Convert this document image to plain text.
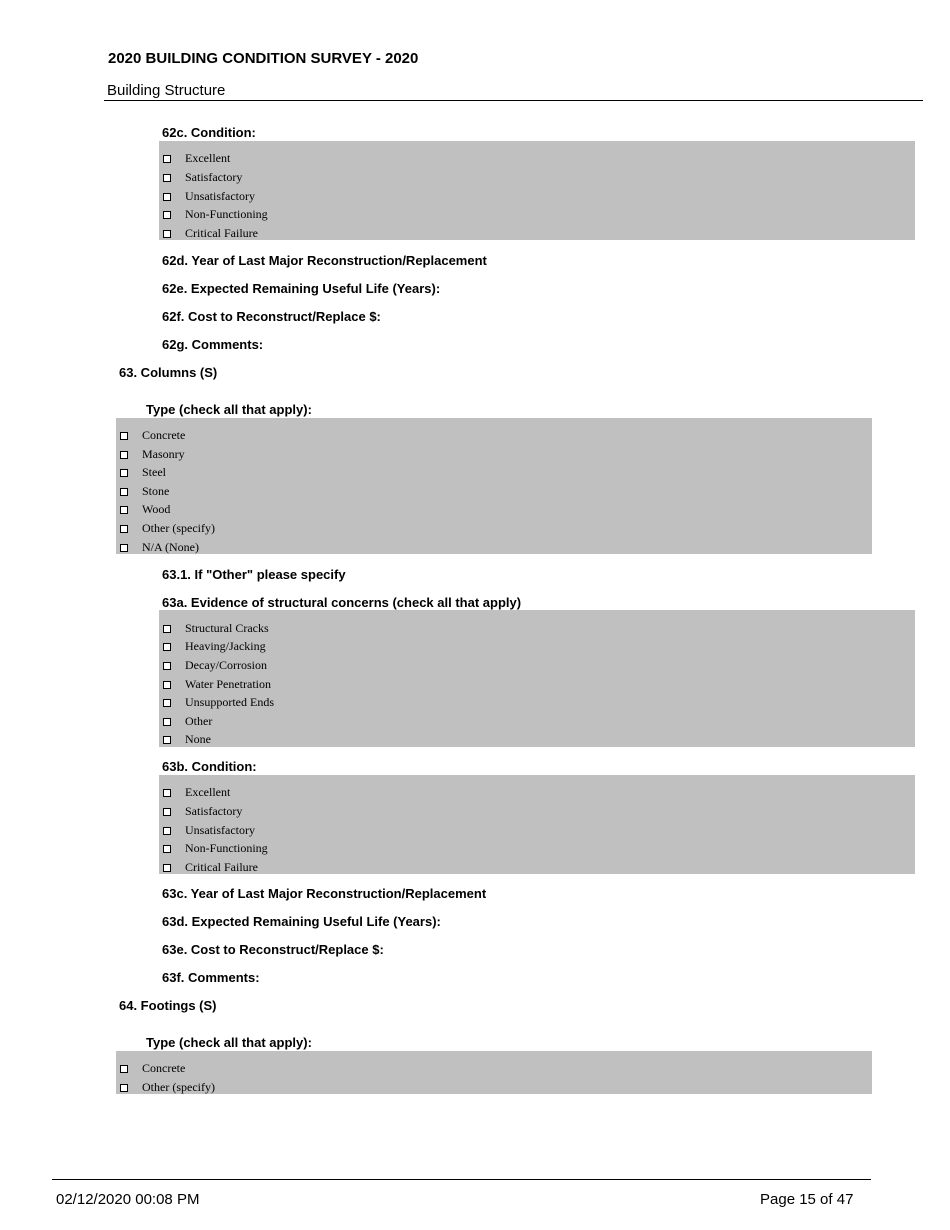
2020 BUILDING CONDITION SURVEY - 2020
Building Structure
62c. Condition:
Excellent
Satisfactory
Unsatisfactory
Non-Functioning
Critical Failure
62d. Year of Last Major Reconstruction/Replacement
62e. Expected Remaining Useful Life (Years):
62f. Cost to Reconstruct/Replace $:
62g. Comments:
63. Columns (S)
Type (check all that apply):
Concrete
Masonry
Steel
Stone
Wood
Other (specify)
N/A (None)
63.1. If "Other" please specify
63a. Evidence of structural concerns (check all that apply)
Structural Cracks
Heaving/Jacking
Decay/Corrosion
Water Penetration
Unsupported Ends
Other
None
63b. Condition:
Excellent
Satisfactory
Unsatisfactory
Non-Functioning
Critical Failure
63c. Year of Last Major Reconstruction/Replacement
63d. Expected Remaining Useful Life (Years):
63e. Cost to Reconstruct/Replace $:
63f. Comments:
64. Footings (S)
Type (check all that apply):
Concrete
Other (specify)
02/12/2020 00:08 PM	Page 15 of 47
